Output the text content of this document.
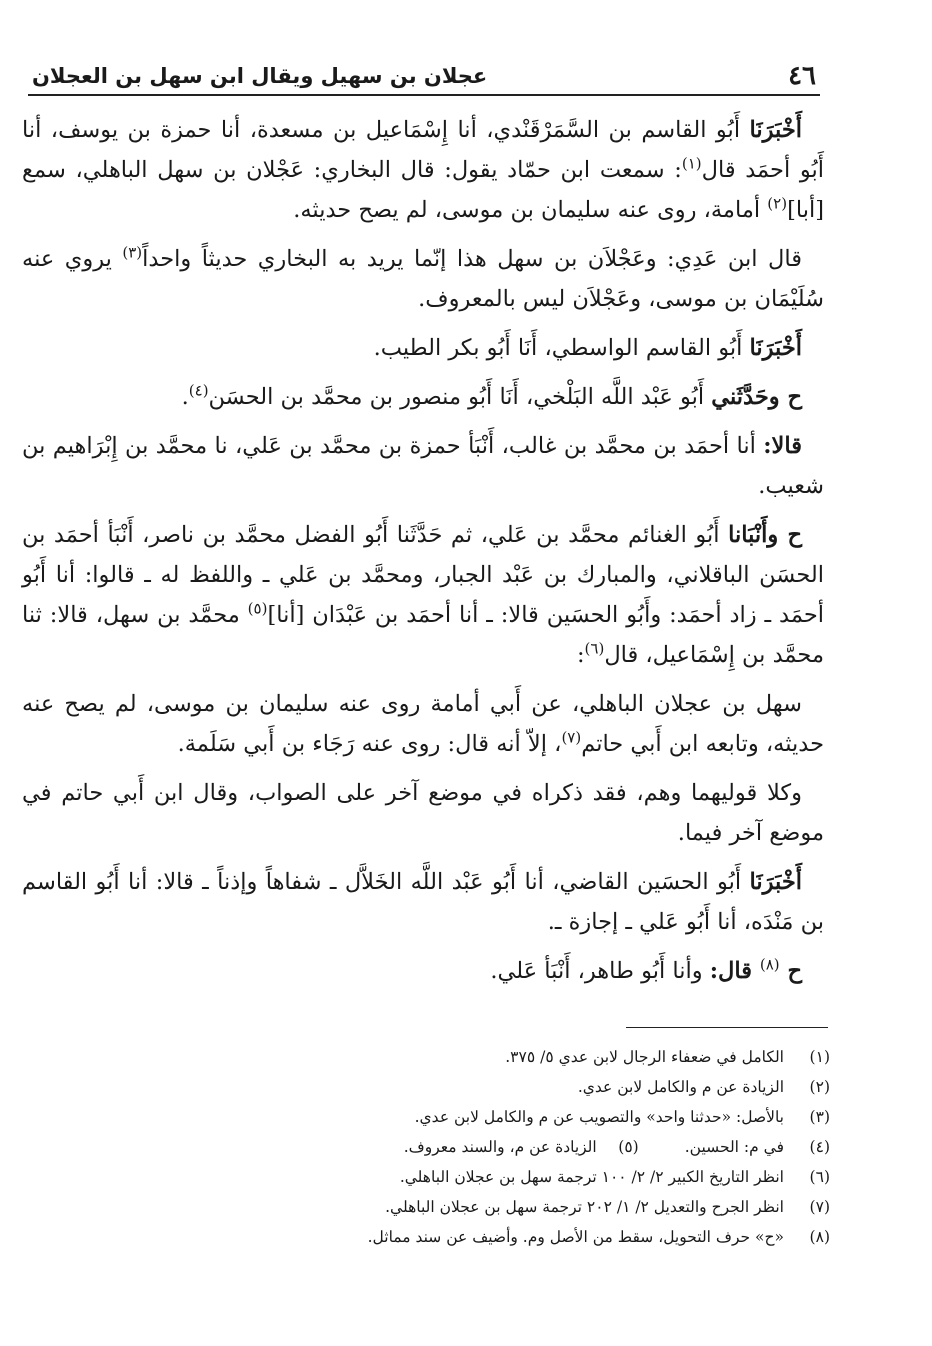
٤٦
عجلان بن سهيل ويقال ابن سهل بن العجلان

أَخْبَرَنَا أَبُو القاسم بن السَّمَرْقَنْدي، أنا إِسْمَاعيل بن مسعدة، أنا حمزة بن يوسف، أنا أَبُو أحمَد قال$^{(١)}$: سمعت ابن حمّاد يقول: قال البخاري: عَجْلان بن سهل الباهلي، سمع [أبا]$^{(٢)}$ أمامة، روى عنه سليمان بن موسى، لم يصح حديثه.

قال ابن عَدِي: وعَجْلاَن بن سهل هذا إنّما يريد به البخاري حديثاً واحداً$^{(٣)}$ يروي عنه سُلَيْمَان بن موسى، وعَجْلاَن ليس بالمعروف.

أَخْبَرَنَا أَبُو القاسم الواسطي، أَنَا أَبُو بكر الطيب.

ح وحَدَّثَني أَبُو عَبْد اللَّه البَلْخي، أَنَا أَبُو منصور بن محمَّد بن الحسَن$^{(٤)}$.

قالا: أنا أحمَد بن محمَّد بن غالب، أَنْبَأ حمزة بن محمَّد بن عَلي، نا محمَّد بن إِبْرَاهيم بن شعيب.

ح وأَنْبَانا أَبُو الغنائم محمَّد بن عَلي، ثم حَدَّثَنا أَبُو الفضل محمَّد بن ناصر، أَنْبَأ أحمَد بن الحسَن الباقلاني، والمبارك بن عَبْد الجبار، ومحمَّد بن عَلي ـ واللفظ له ـ قالوا: أنا أَبُو أحمَد ـ زاد أحمَد: وأَبُو الحسَين قالا: ـ أنا أحمَد بن عَبْدَان [أنا]$^{(٥)}$ محمَّد بن سهل، قالا: ثنا محمَّد بن إِسْمَاعيل، قال$^{(٦)}$:

سهل بن عجلان الباهلي، عن أَبي أمامة روى عنه سليمان بن موسى، لم يصح عنه حديثه، وتابعه ابن أَبي حاتم$^{(٧)}$، إلاّ أنه قال: روى عنه رَجَاء بن أَبي سَلَمة.

وكلا قوليهما وهم، فقد ذكراه في موضع آخر على الصواب، وقال ابن أَبي حاتم في موضع آخر فيما.

أَخْبَرَنَا أَبُو الحسَين القاضي، أنا أَبُو عَبْد اللَّه الخَلاَّل ـ شفاهاً وإذناً ـ قالا: أنا أَبُو القاسم بن مَنْدَه، أنا أَبُو عَلي ـ إجازة ـ.

ح $^{(٨)}$ قال: وأنا أَبُو طاهر، أَنْبَأ عَلي.

(١)
الكامل في ضعفاء الرجال لابن عدي ٥/ ٣٧٥.
(٢)
الزيادة عن م والكامل لابن عدي.
(٣)
بالأصل: «حدثنا واحد» والتصويب عن م والكامل لابن عدي.
(٤)
في م: الحسين.
(٥)
الزيادة عن م، والسند معروف.
(٦)
انظر التاريخ الكبير ٢/ ٢/ ١٠٠ ترجمة سهل بن عجلان الباهلي.
(٧)
انظر الجرح والتعديل ٢/ ١/ ٢٠٢ ترجمة سهل بن عجلان الباهلي.
(٨)
«ح» حرف التحويل، سقط من الأصل وم. وأضيف عن سند مماثل.
